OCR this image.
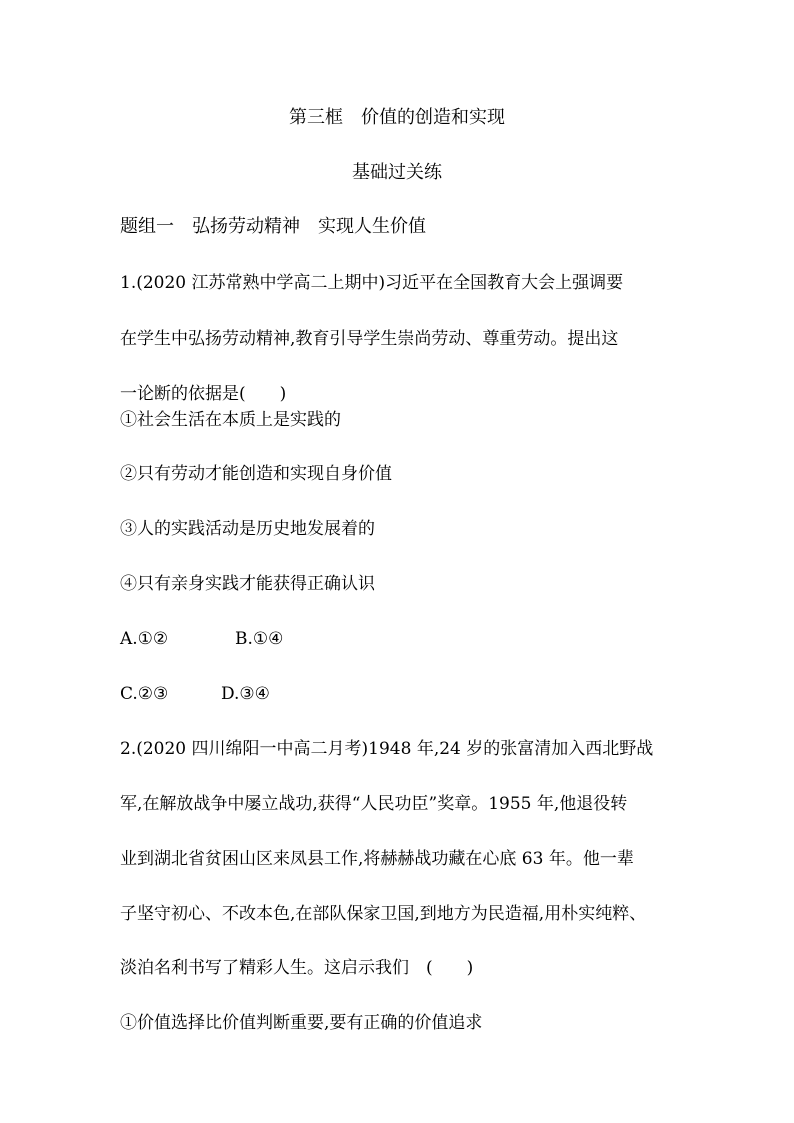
第三框　价值的创造和实现
基础过关练
题组一　弘扬劳动精神　实现人生价值
1.(2020 江苏常熟中学高二上期中)习近平在全国教育大会上强调要
在学生中弘扬劳动精神,教育引导学生崇尚劳动、尊重劳动。提出这
一论断的依据是(　　)
①社会生活在本质上是实践的
②只有劳动才能创造和实现自身价值
③人的实践活动是历史地发展着的
④只有亲身实践才能获得正确认识
A.①②	B.①④
C.②③	D.③④
2.(2020 四川绵阳一中高二月考)1948 年,24 岁的张富清加入西北野战
军,在解放战争中屡立战功,获得“人民功臣”奖章。1955 年,他退役转
业到湖北省贫困山区来凤县工作,将赫赫战功藏在心底 63 年。他一辈
子坚守初心、不改本色,在部队保家卫国,到地方为民造福,用朴实纯粹、
淡泊名利书写了精彩人生。这启示我们　(　　)
①价值选择比价值判断重要,要有正确的价值追求
